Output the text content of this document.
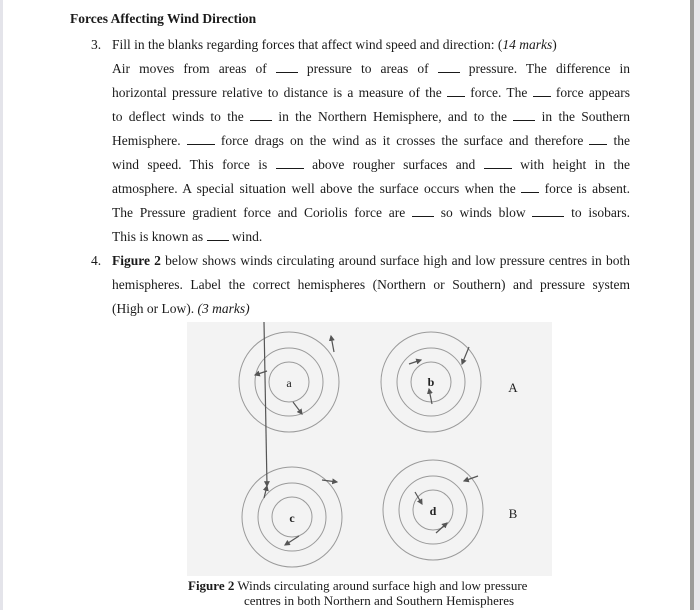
Forces Affecting Wind Direction
3. Fill in the blanks regarding forces that affect wind speed and direction: (14 marks)
Air moves from areas of	pressure to areas of	pressure. The difference in
horizontal pressure relative to distance is a measure of the force. The force appears
to deflect winds to the	in the Northern Hemisphere, and to the	in the Southern
Hemisphere.	force drags on the wind as it crosses the surface and therefore the
wind speed. This force is	above rougher surfaces and	with height in the
atmosphere. A special situation well above the surface occurs when the force is absent.
The Pressure gradient force and Coriolis force are	so winds blow	to isobars.
This is known as wind.
4. Figure 2 below shows winds circulating around surface high and low pressure centres in both
hemispheres. Label the correct hemispheres (Northern or Southern) and pressure system
(High or Low). (3 marks)
a	b
c	d
A
B
Figure 2 Winds circulating around surface high and low pressure
centres in both Northern and Southern Hemispheres
